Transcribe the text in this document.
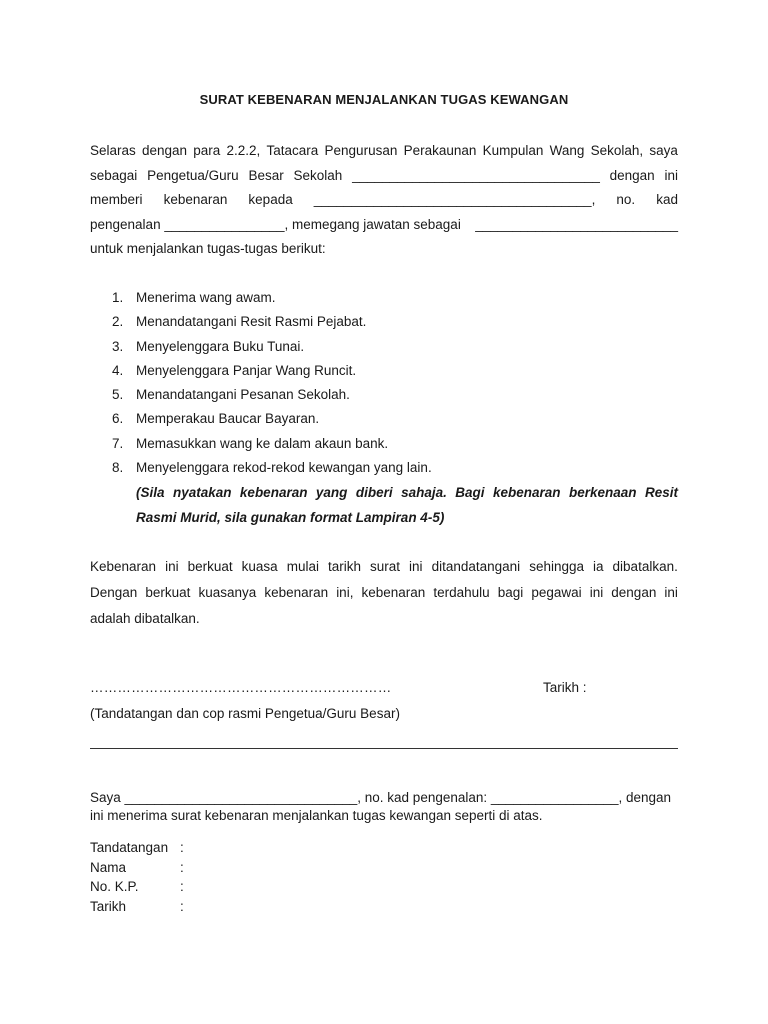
SURAT KEBENARAN MENJALANKAN TUGAS KEWANGAN
Selaras dengan para 2.2.2, Tatacara Pengurusan Perakaunan Kumpulan Wang Sekolah, saya
sebagai Pengetua/Guru Besar Sekolah _________________________________ dengan ini
memberi kebenaran kepada _____________________________________, no. kad
pengenalan ________________, memegang jawatan sebagai ___________________________
untuk menjalankan tugas-tugas berikut:
1. Menerima wang awam.
2. Menandatangani Resit Rasmi Pejabat.
3. Menyelenggara Buku Tunai.
4. Menyelenggara Panjar Wang Runcit.
5. Menandatangani Pesanan Sekolah.
6. Memperakau Baucar Bayaran.
7. Memasukkan wang ke dalam akaun bank.
8. Menyelenggara rekod-rekod kewangan yang lain.
(Sila nyatakan kebenaran yang diberi sahaja. Bagi kebenaran berkenaan Resit
Rasmi Murid, sila gunakan format Lampiran 4-5)
Kebenaran ini berkuat kuasa mulai tarikh surat ini ditandatangani sehingga ia dibatalkan.
Dengan berkuat kuasanya kebenaran ini, kebenaran terdahulu bagi pegawai ini dengan ini
adalah dibatalkan.
…………………………………………………………	Tarikh :
(Tandatangan dan cop rasmi Pengetua/Guru Besar)
Saya _______________________________, no. kad pengenalan: _________________, dengan
ini menerima surat kebenaran menjalankan tugas kewangan seperti di atas.
Tandatangan :
Nama	:
No. K.P.	:
Tarikh	:
